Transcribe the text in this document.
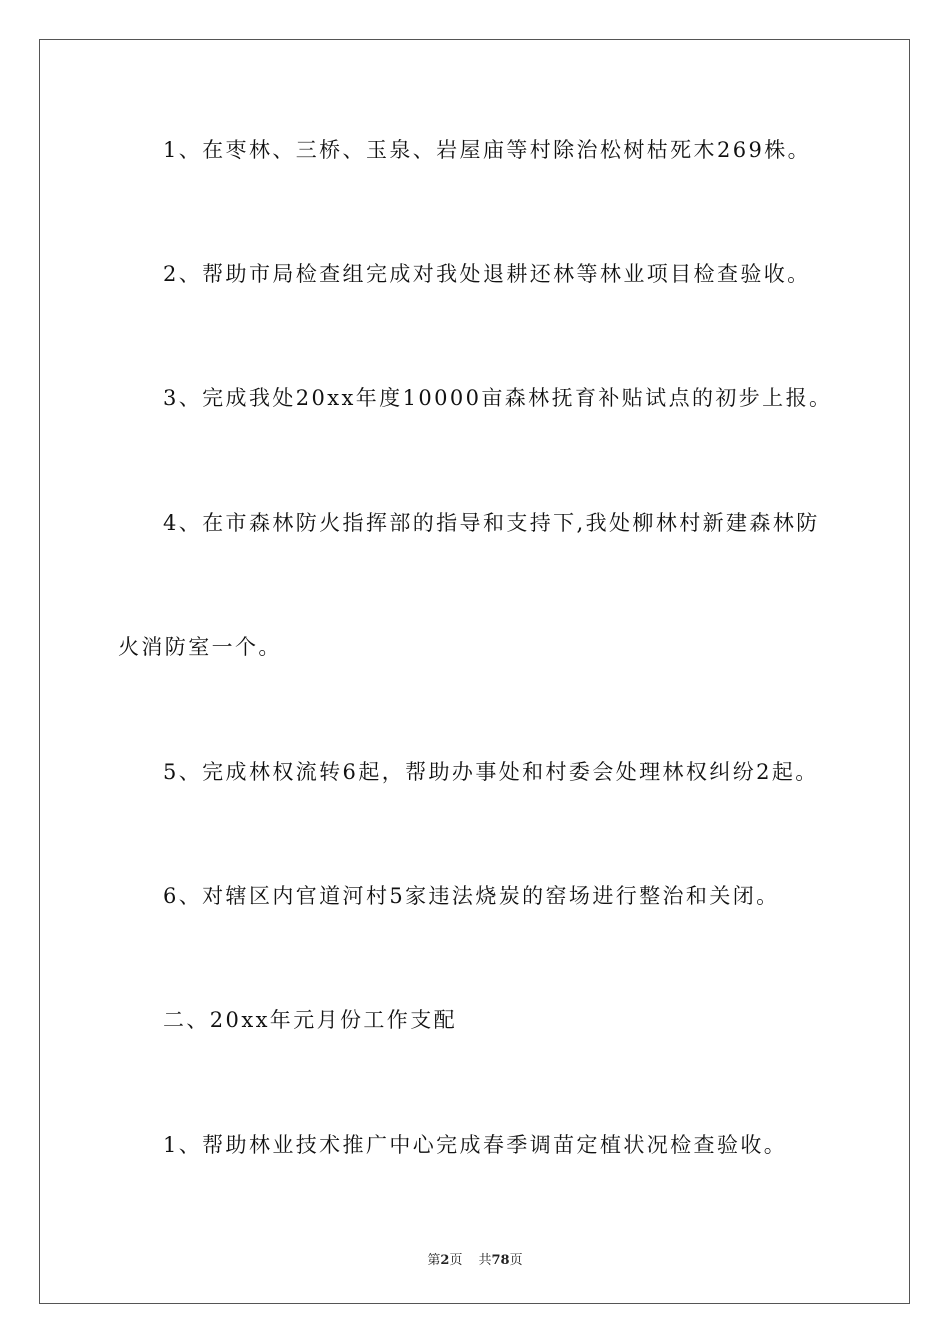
1、在枣林、三桥、玉泉、岩屋庙等村除治松树枯死木269株。
2、帮助市局检查组完成对我处退耕还林等林业项目检查验收。
3、完成我处20xx年度10000亩森林抚育补贴试点的初步上报。
4、在市森林防火指挥部的指导和支持下,我处柳林村新建森林防
火消防室一个。
5、完成林权流转6起，帮助办事处和村委会处理林权纠纷2起。
6、对辖区内官道河村5家违法烧炭的窑场进行整治和关闭。
二、20xx年元月份工作支配
1、帮助林业技术推广中心完成春季调苗定植状况检查验收。
第2页 共78页
